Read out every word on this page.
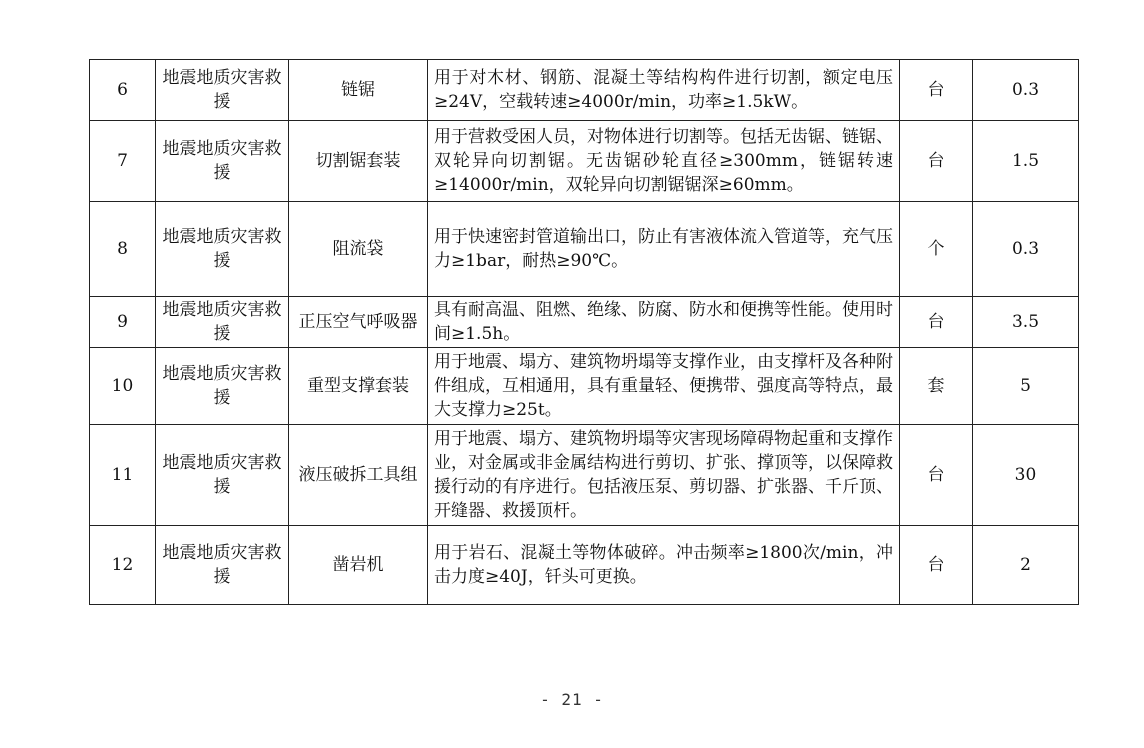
6	地震地质灾害救援	链锯	用于对木材、钢筋、混凝土等结构构件进行切割，额定电压≥24V，空载转速≥4000r/min，功率≥1.5kW。	台	0.3
7	地震地质灾害救援	切割锯套装	用于营救受困人员，对物体进行切割等。包括无齿锯、链锯、双轮异向切割锯。无齿锯砂轮直径≥300mm，链锯转速≥14000r/min，双轮异向切割锯锯深≥60mm。	台	1.5
8	地震地质灾害救援	阻流袋	用于快速密封管道输出口，防止有害液体流入管道等，充气压力≥1bar，耐热≥90℃。	个	0.3
9	地震地质灾害救援	正压空气呼吸器	具有耐高温、阻燃、绝缘、防腐、防水和便携等性能。使用时间≥1.5h。	台	3.5
10	地震地质灾害救援	重型支撑套装	用于地震、塌方、建筑物坍塌等支撑作业，由支撑杆及各种附件组成，互相通用，具有重量轻、便携带、强度高等特点，最大支撑力≥25t。	套	5
11	地震地质灾害救援	液压破拆工具组	用于地震、塌方、建筑物坍塌等灾害现场障碍物起重和支撑作业，对金属或非金属结构进行剪切、扩张、撑顶等，以保障救援行动的有序进行。包括液压泵、剪切器、扩张器、千斤顶、开缝器、救援顶杆。	台	30
12	地震地质灾害救援	凿岩机	用于岩石、混凝土等物体破碎。冲击频率≥1800次/min，冲击力度≥40J，钎头可更换。	台	2
- 21 -
